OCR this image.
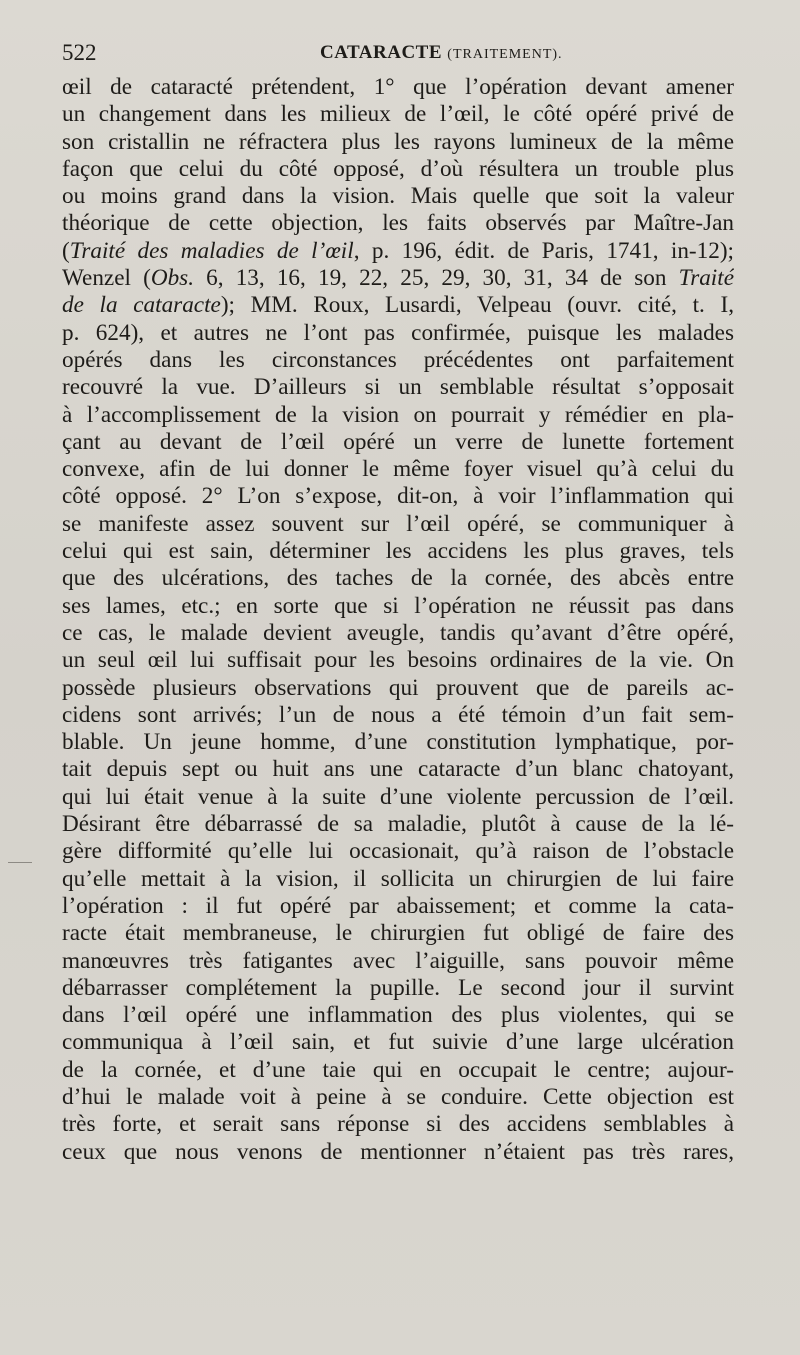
522	CATARACTE (TRAITEMENT).
œil de cataracté prétendent, 1° que l’opération devant amener
un changement dans les milieux de l’œil, le côté opéré privé de
son cristallin ne réfractera plus les rayons lumineux de la même
façon que celui du côté opposé, d’où résultera un trouble plus
ou moins grand dans la vision. Mais quelle que soit la valeur
théorique de cette objection, les faits observés par Maître-Jan
(Traité des maladies de l’œil, p. 196, édit. de Paris, 1741, in-12);
Wenzel (Obs. 6, 13, 16, 19, 22, 25, 29, 30, 31, 34 de son Traité
de la cataracte); MM. Roux, Lusardi, Velpeau (ouvr. cité, t. I,
p. 624), et autres ne l’ont pas confirmée, puisque les malades
opérés dans les circonstances précédentes ont parfaitement
recouvré la vue. D’ailleurs si un semblable résultat s’opposait
à l’accomplissement de la vision on pourrait y rémédier en pla-
çant au devant de l’œil opéré un verre de lunette fortement
convexe, afin de lui donner le même foyer visuel qu’à celui du
côté opposé. 2° L’on s’expose, dit-on, à voir l’inflammation qui
se manifeste assez souvent sur l’œil opéré, se communiquer à
celui qui est sain, déterminer les accidens les plus graves, tels
que des ulcérations, des taches de la cornée, des abcès entre
ses lames, etc.; en sorte que si l’opération ne réussit pas dans
ce cas, le malade devient aveugle, tandis qu’avant d’être opéré,
un seul œil lui suffisait pour les besoins ordinaires de la vie. On
possède plusieurs observations qui prouvent que de pareils ac-
cidens sont arrivés; l’un de nous a été témoin d’un fait sem-
blable. Un jeune homme, d’une constitution lymphatique, por-
tait depuis sept ou huit ans une cataracte d’un blanc chatoyant,
qui lui était venue à la suite d’une violente percussion de l’œil.
Désirant être débarrassé de sa maladie, plutôt à cause de la lé-
gère difformité qu’elle lui occasionait, qu’à raison de l’obstacle
qu’elle mettait à la vision, il sollicita un chirurgien de lui faire
l’opération : il fut opéré par abaissement; et comme la cata-
racte était membraneuse, le chirurgien fut obligé de faire des
manœuvres très fatigantes avec l’aiguille, sans pouvoir même
débarrasser complétement la pupille. Le second jour il survint
dans l’œil opéré une inflammation des plus violentes, qui se
communiqua à l’œil sain, et fut suivie d’une large ulcération
de la cornée, et d’une taie qui en occupait le centre; aujour-
d’hui le malade voit à peine à se conduire. Cette objection est
très forte, et serait sans réponse si des accidens semblables à
ceux que nous venons de mentionner n’étaient pas très rares,
